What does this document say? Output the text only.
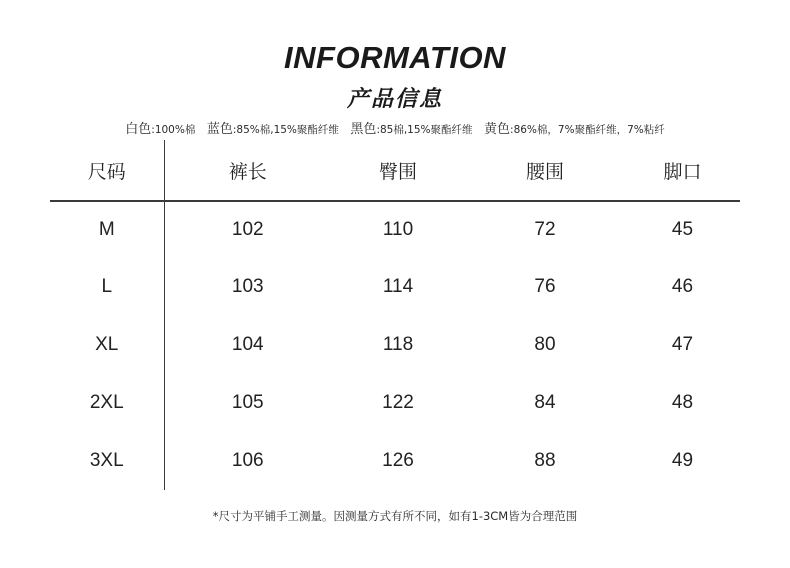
INFORMATION
产品信息
白色:100%棉 蓝色:85%棉,15%聚酯纤维 黑色:85棉,15%聚酯纤维 黄色:86%棉，7%聚酯纤维，7%粘纤
尺码	裤长	臀围	腰围	脚口
M	102	110	72	45
L	103	114	76	46
XL	104	118	80	47
2XL	105	122	84	48
3XL	106	126	88	49
*尺寸为平铺手工测量。因测量方式有所不同，如有1-3CM皆为合理范围
